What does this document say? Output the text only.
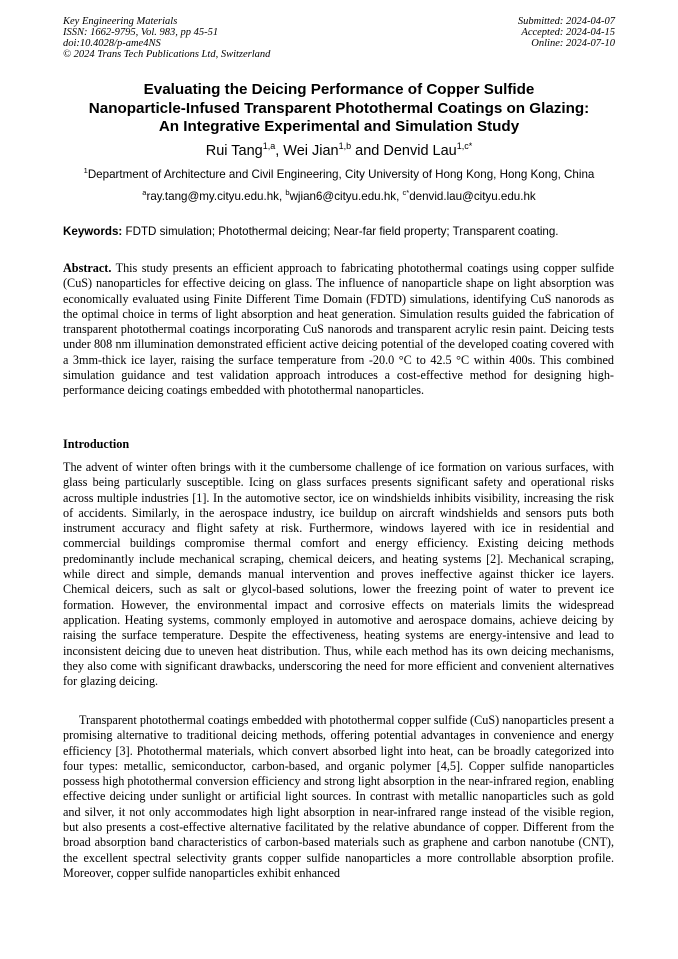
Key Engineering Materials
ISSN: 1662-9795, Vol. 983, pp 45-51
doi:10.4028/p-ame4NS
© 2024 Trans Tech Publications Ltd, Switzerland
Submitted: 2024-04-07
Accepted: 2024-04-15
Online: 2024-07-10
Evaluating the Deicing Performance of Copper Sulfide
Nanoparticle-Infused Transparent Photothermal Coatings on Glazing:
An Integrative Experimental and Simulation Study
Rui Tang$^{1,a}$, Wei Jian$^{1,b}$ and Denvid Lau$^{1,c*}$
$^1$Department of Architecture and Civil Engineering, City University of Hong Kong, Hong Kong, China
$^a$ray.tang@my.cityu.edu.hk, $^b$wjian6@cityu.edu.hk, $^{c*}$denvid.lau@cityu.edu.hk
Keywords: FDTD simulation; Photothermal deicing; Near-far field property; Transparent coating.

Abstract. This study presents an efficient approach to fabricating photothermal coatings using copper sulfide (CuS) nanoparticles for effective deicing on glass. The influence of nanoparticle shape on light absorption was economically evaluated using Finite Different Time Domain (FDTD) simulations, identifying CuS nanorods as the optimal choice in terms of light absorption and heat generation. Simulation results guided the fabrication of transparent photothermal coatings incorporating CuS nanorods and transparent acrylic resin paint. Deicing tests under 808 nm illumination demonstrated efficient active deicing potential of the developed coating covered with a 3mm-thick ice layer, raising the surface temperature from -20.0 °C to 42.5 °C within 400s. This combined simulation guidance and test validation approach introduces a cost-effective method for designing high-performance deicing coatings embedded with photothermal nanoparticles.

Introduction

The advent of winter often brings with it the cumbersome challenge of ice formation on various surfaces, with glass being particularly susceptible. Icing on glass surfaces presents significant safety and operational risks across multiple industries [1]. In the automotive sector, ice on windshields inhibits visibility, increasing the risk of accidents. Similarly, in the aerospace industry, ice buildup on aircraft windshields and sensors puts both instrument accuracy and flight safety at risk. Furthermore, windows layered with ice in residential and commercial buildings compromise thermal comfort and energy efficiency. Existing deicing methods predominantly include mechanical scraping, chemical deicers, and heating systems [2]. Mechanical scraping, while direct and simple, demands manual intervention and proves ineffective against thicker ice layers. Chemical deicers, such as salt or glycol-based solutions, lower the freezing point of water to prevent ice formation. However, the environmental impact and corrosive effects on materials limits the widespread application. Heating systems, commonly employed in automotive and aerospace domains, achieve deicing by raising the surface temperature. Despite the effectiveness, heating systems are energy-intensive and lead to inconsistent deicing due to uneven heat distribution. Thus, while each method has its own deicing mechanisms, they also come with significant drawbacks, underscoring the need for more efficient and convenient alternatives for glazing deicing.

Transparent photothermal coatings embedded with photothermal copper sulfide (CuS) nanoparticles present a promising alternative to traditional deicing methods, offering potential advantages in convenience and energy efficiency [3]. Photothermal materials, which convert absorbed light into heat, can be broadly categorized into four types: metallic, semiconductor, carbon-based, and organic polymer [4,5]. Copper sulfide nanoparticles possess high photothermal conversion efficiency and strong light absorption in the near-infrared region, enabling effective deicing under sunlight or artificial light sources. In contrast with metallic nanoparticles such as gold and silver, it not only accommodates high light absorption in near-infrared range instead of the visible region, but also presents a cost-effective alternative facilitated by the relative abundance of copper. Different from the broad absorption band characteristics of carbon-based materials such as graphene and carbon nanotube (CNT), the excellent spectral selectivity grants copper sulfide nanoparticles a more controllable absorption profile. Moreover, copper sulfide nanoparticles exhibit enhanced
